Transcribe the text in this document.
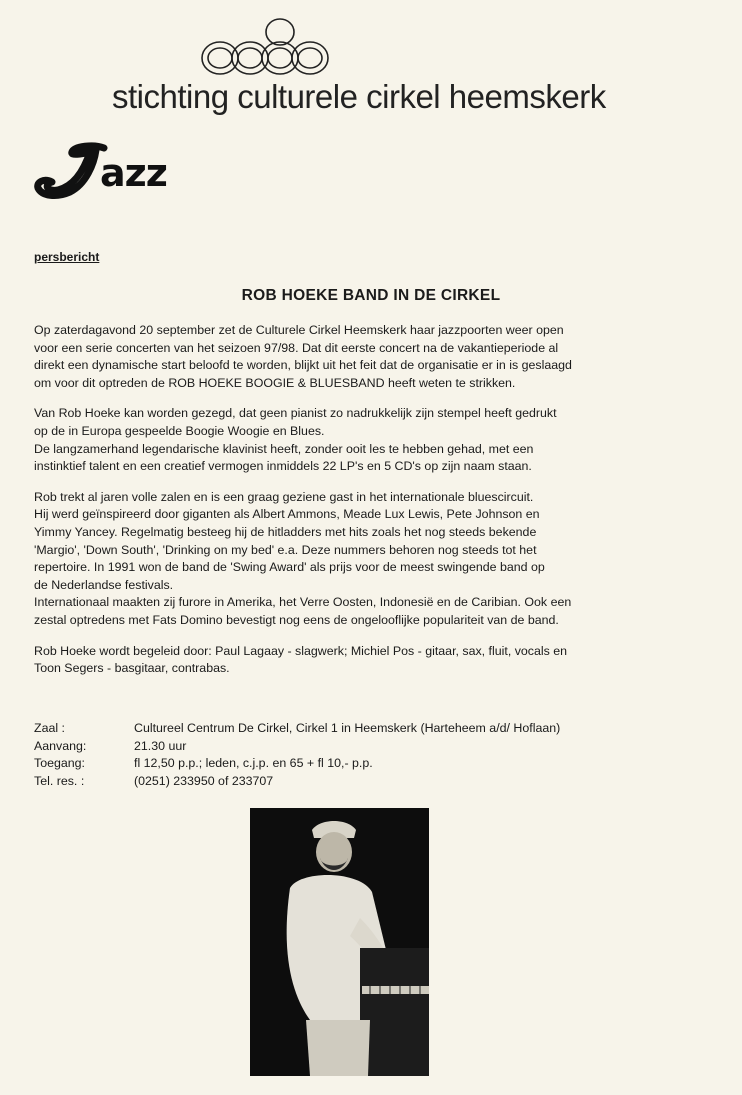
stichting culturele cirkel heemskerk
azz
persbericht
ROB HOEKE BAND IN DE CIRKEL

Op zaterdagavond 20 september zet de Culturele Cirkel Heemskerk haar jazzpoorten weer open
voor een serie concerten van het seizoen 97/98. Dat dit eerste concert na de vakantieperiode al
direkt een dynamische start beloofd te worden, blijkt uit het feit dat de organisatie er in is geslaagd
om voor dit optreden de ROB HOEKE BOOGIE & BLUESBAND heeft weten te strikken.

Van Rob Hoeke kan worden gezegd, dat geen pianist zo nadrukkelijk zijn stempel heeft gedrukt
op de in Europa gespeelde Boogie Woogie en Blues.
De langzamerhand legendarische klavinist heeft, zonder ooit les te hebben gehad, met een
instinktief talent en een creatief vermogen inmiddels 22 LP's en 5 CD's op zijn naam staan.

Rob trekt al jaren volle zalen en is een graag geziene gast in het internationale bluescircuit.
Hij werd geïnspireerd door giganten als Albert Ammons, Meade Lux Lewis, Pete Johnson en
Yimmy Yancey. Regelmatig besteeg hij de hitladders met hits zoals het nog steeds bekende
'Margio', 'Down South', 'Drinking on my bed' e.a. Deze nummers behoren nog steeds tot het
repertoire. In 1991 won de band de 'Swing Award' als prijs voor de meest swingende band op
de Nederlandse festivals.
Internationaal maakten zij furore in Amerika, het Verre Oosten, Indonesië en de Caribian. Ook een
zestal optredens met Fats Domino bevestigt nog eens de ongelooflijke populariteit van de band.

Rob Hoeke wordt begeleid door: Paul Lagaay - slagwerk; Michiel Pos - gitaar, sax, fluit, vocals en
Toon Segers - basgitaar, contrabas.

Zaal :	Cultureel Centrum De Cirkel, Cirkel 1 in Heemskerk (Harteheem a/d/ Hoflaan)
Aanvang:	21.30 uur
Toegang:	fl 12,50 p.p.; leden, c.j.p. en 65 + fl 10,- p.p.
Tel. res. :	(0251) 233950 of 233707
